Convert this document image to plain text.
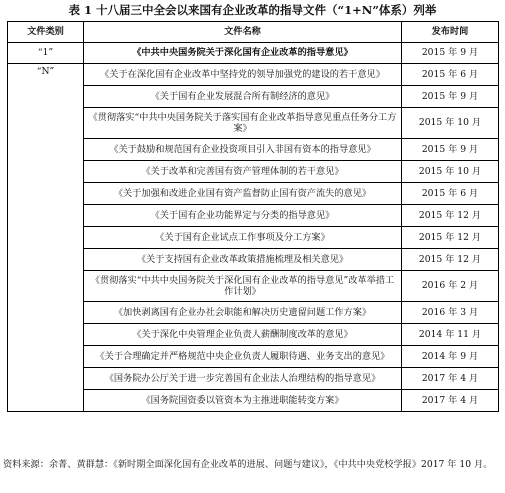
表 1 十八届三中全会以来国有企业改革的指导文件（“1+N”体系）列举
文件类别	文件名称	发布时间
“1”	《中共中央国务院关于深化国有企业改革的指导意见》	2015 年 9 月
“N”	《关于在深化国有企业改革中坚持党的领导加强党的建设的若干意见》	2015 年 6 月
	《关于国有企业发展混合所有制经济的意见》	2015 年 9 月
	《贯彻落实“中共中央国务院关于落实国有企业改革指导意见重点任务分工方案》	2015 年 10 月
	《关于鼓励和规范国有企业投资项目引入非国有资本的指导意见》	2015 年 9 月
	《关于改革和完善国有资产管理体制的若干意见》	2015 年 10 月
	《关于加强和改进企业国有资产监督防止国有资产流失的意见》	2015 年 6 月
	《关于国有企业功能界定与分类的指导意见》	2015 年 12 月
	《关于国有企业试点工作事项及分工方案》	2015 年 12 月
	《关于支持国有企业改革政策措施梳理及相关意见》	2015 年 12 月
	《贯彻落实“中共中央国务院关于深化国有企业改革的指导意见”改革举措工作计划》	2016 年 2 月
	《加快剥离国有企业办社会职能和解决历史遗留问题工作方案》	2016 年 3 月
	《关于深化中央管理企业负责人薪酬制度改革的意见》	2014 年 11 月
	《关于合理确定并严格规范中央企业负责人履职待遇、业务支出的意见》	2014 年 9 月
	《国务院办公厅关于进一步完善国有企业法人治理结构的指导意见》	2017 年 4 月
	《国务院国资委以管资本为主推进职能转变方案》	2017 年 4 月
资料来源：余菁、黄群慧：《新时期全面深化国有企业改革的进展、问题与建议》，《中共中央党校学报》2017 年 10 月。
